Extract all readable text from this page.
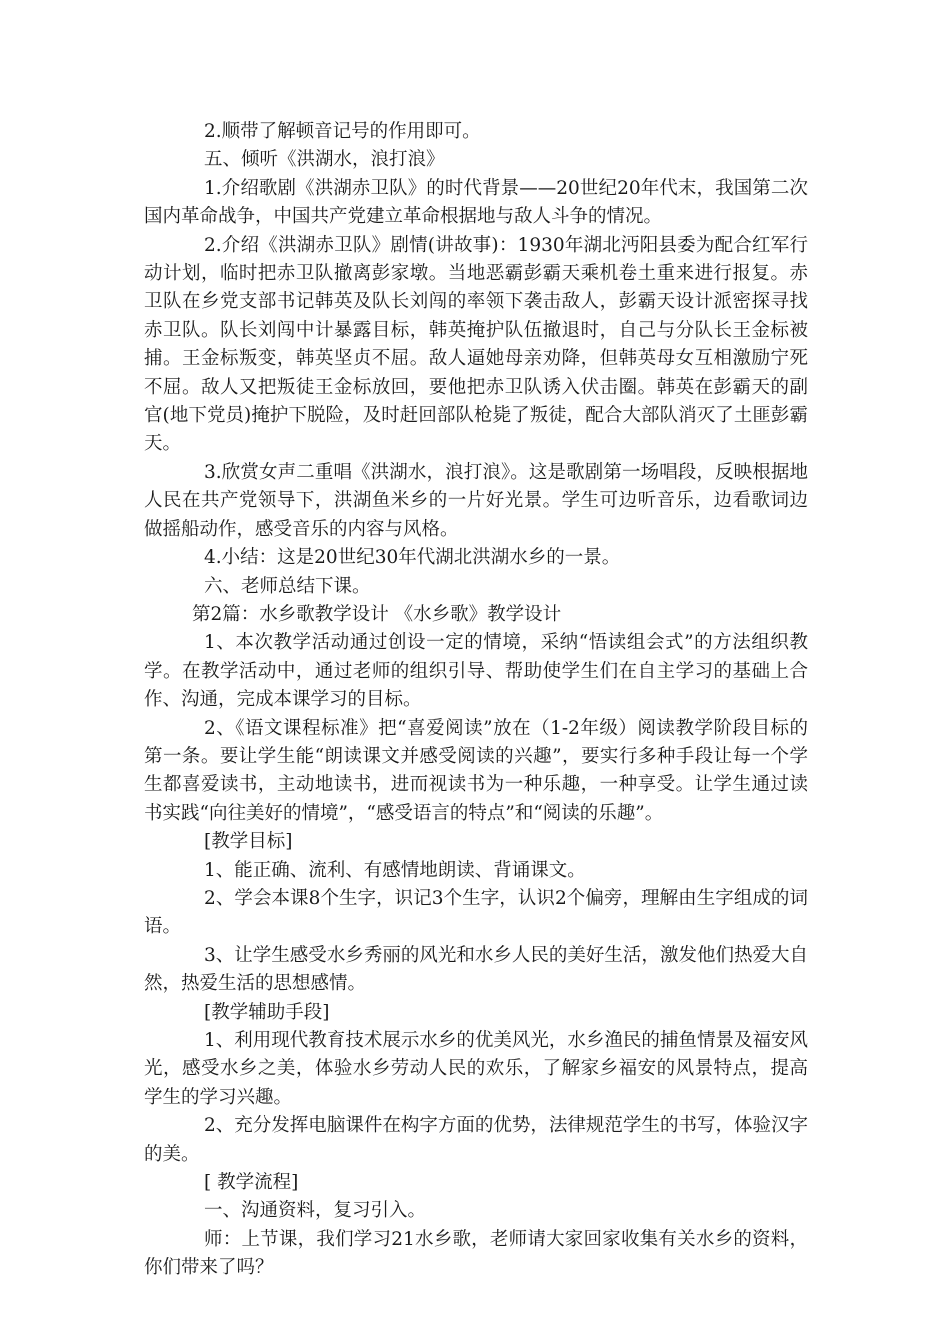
2.顺带了解顿音记号的作用即可。

五、倾听《洪湖水，浪打浪》

1.介绍歌剧《洪湖赤卫队》的时代背景——20世纪20年代末，我国第二次国内革命战争，中国共产党建立革命根据地与敌人斗争的情况。

2.介绍《洪湖赤卫队》剧情(讲故事)：1930年湖北沔阳县委为配合红军行动计划，临时把赤卫队撤离彭家墩。当地恶霸彭霸天乘机卷土重来进行报复。赤卫队在乡党支部书记韩英及队长刘闯的率领下袭击敌人，彭霸天设计派密探寻找赤卫队。队长刘闯中计暴露目标，韩英掩护队伍撤退时，自己与分队长王金标被捕。王金标叛变，韩英坚贞不屈。敌人逼她母亲劝降，但韩英母女互相激励宁死不屈。敌人又把叛徒王金标放回，要他把赤卫队诱入伏击圈。韩英在彭霸天的副官(地下党员)掩护下脱险，及时赶回部队枪毙了叛徒，配合大部队消灭了土匪彭霸天。

3.欣赏女声二重唱《洪湖水，浪打浪》。这是歌剧第一场唱段，反映根据地人民在共产党领导下，洪湖鱼米乡的一片好光景。学生可边听音乐，边看歌词边做摇船动作，感受音乐的内容与风格。

4.小结：这是20世纪30年代湖北洪湖水乡的一景。

六、老师总结下课。

第2篇：水乡歌教学设计 《水乡歌》教学设计

1、本次教学活动通过创设一定的情境，采纳“悟读组会式”的方法组织教学。在教学活动中，通过老师的组织引导、帮助使学生们在自主学习的基础上合作、沟通，完成本课学习的目标。

2、《语文课程标准》把“喜爱阅读”放在（1-2年级）阅读教学阶段目标的第一条。要让学生能“朗读课文并感受阅读的兴趣”，要实行多种手段让每一个学生都喜爱读书，主动地读书，进而视读书为一种乐趣，一种享受。让学生通过读书实践“向往美好的情境”，“感受语言的特点”和“阅读的乐趣”。

[教学目标]

1、能正确、流利、有感情地朗读、背诵课文。

2、学会本课8个生字，识记3个生字，认识2个偏旁，理解由生字组成的词语。

3、让学生感受水乡秀丽的风光和水乡人民的美好生活，激发他们热爱大自然，热爱生活的思想感情。

[教学辅助手段]

1、利用现代教育技术展示水乡的优美风光，水乡渔民的捕鱼情景及福安风光，感受水乡之美，体验水乡劳动人民的欢乐，了解家乡福安的风景特点，提高学生的学习兴趣。

2、充分发挥电脑课件在构字方面的优势，法律规范学生的书写，体验汉字的美。

[ 教学流程]

一、沟通资料，复习引入。

师：上节课，我们学习21水乡歌，老师请大家回家收集有关水乡的资料，你们带来了吗？
